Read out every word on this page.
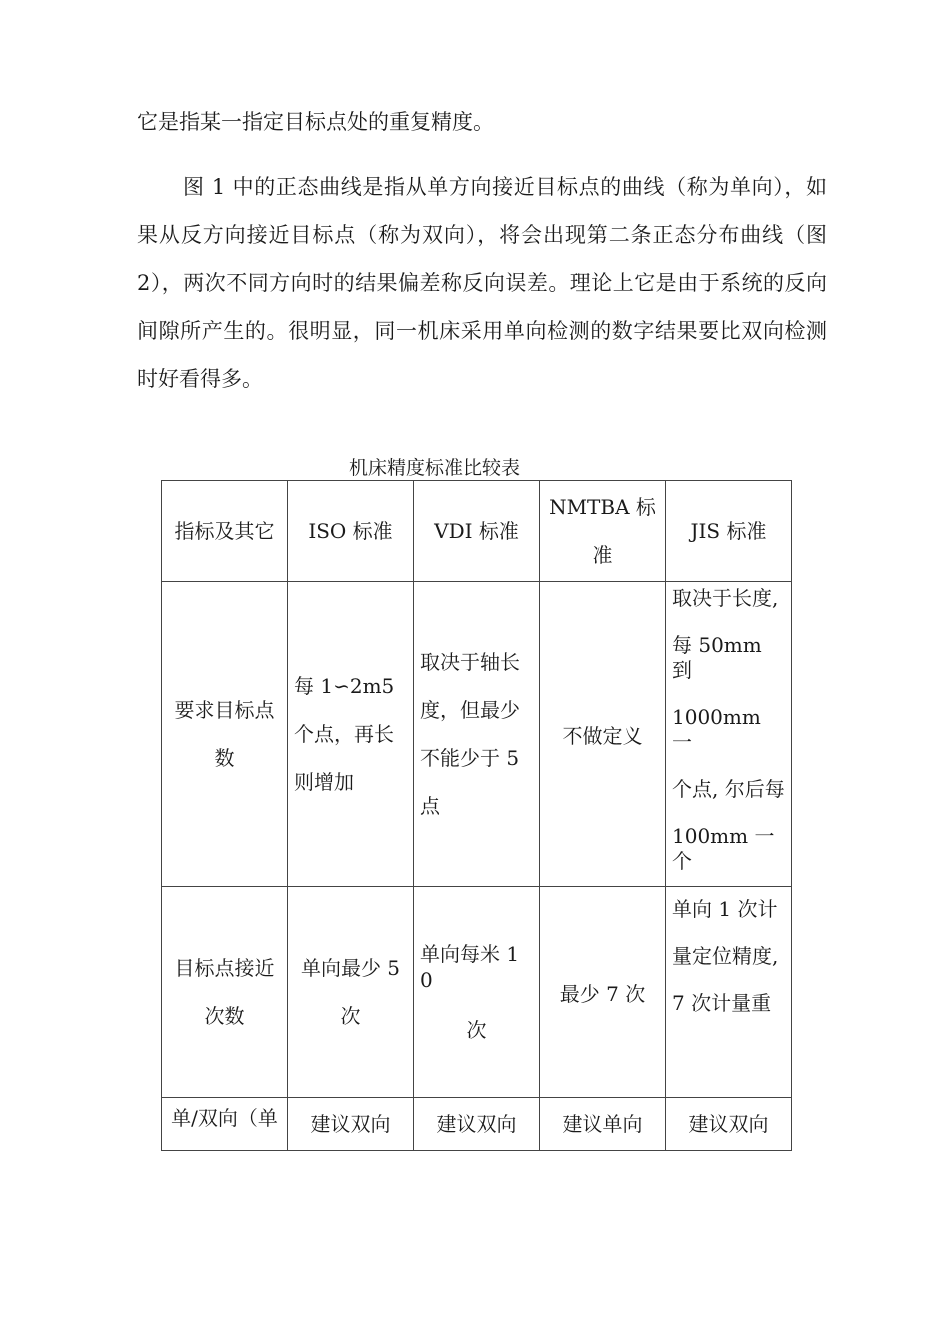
它是指某一指定目标点处的重复精度。

图 1 中的正态曲线是指从单方向接近目标点的曲线（称为单向），如果从反方向接近目标点（称为双向），将会出现第二条正态分布曲线（图 2），两次不同方向时的结果偏差称反向误差。理论上它是由于系统的反向间隙所产生的。很明显，同一机床采用单向检测的数字结果要比双向检测时好看得多。

机床精度标准比较表
指标及其它	ISO 标准	VDI 标准	NMTBA 标准	JIS 标准
要求目标点数	每 1∽2m5 个点，再长则增加	取决于轴长度，但最少不能少于 5 点	不做定义	取决于长度,
每 50mm 到
1000mm 一
个点, 尔后每
100mm 一个

目标点接近次数	单向最少 5 次	单向每米 1 0
次	最少 7 次	单向 1 次计
量定位精度,
7 次计量重

单/双向（单	建议双向	建议双向	建议单向	建议双向
